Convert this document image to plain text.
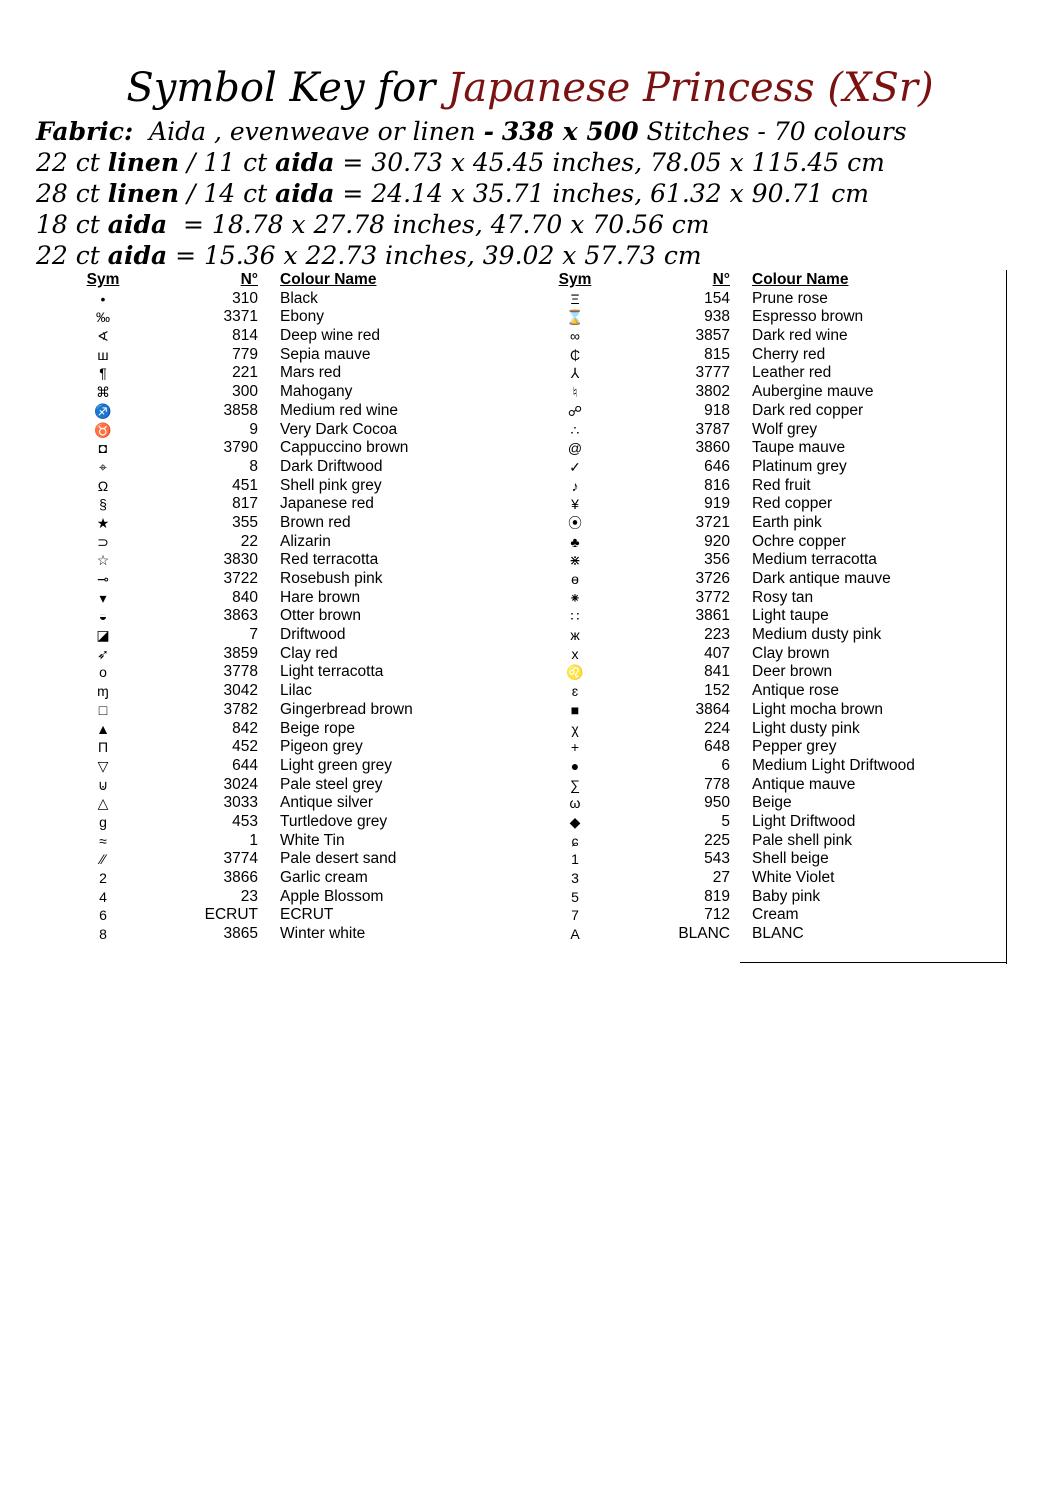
Symbol Key for Japanese Princess (XSr)
Fabric: Aida , evenweave or linen - 338 x 500 Stitches - 70 colours
22 ct linen / 11 ct aida = 30.73 x 45.45 inches, 78.05 x 115.45 cm
28 ct linen / 14 ct aida = 24.14 x 35.71 inches, 61.32 x 90.71 cm
18 ct aida  = 18.78 x 27.78 inches, 47.70 x 70.56 cm
22 ct aida = 15.36 x 22.73 inches, 39.02 x 57.73 cm
Sym	N° Colour Name
•	310 Black
‰	3371 Ebony
∢	814 Deep wine red
ш	779 Sepia mauve
¶	221 Mars red
⌘	300 Mahogany
♐	3858 Medium red wine
♉	9 Very Dark Cocoa
◘	3790 Cappuccino brown
⌖	8 Dark Driftwood
Ω	451 Shell pink grey
§	817 Japanese red
★	355 Brown red
⊃	22 Alizarin
☆	3830 Red terracotta
⊸	3722 Rosebush pink
▾	840 Hare brown
◒	3863 Otter brown
◪	7 Driftwood
➶	3859 Clay red
o	3778 Light terracotta
ɱ	3042 Lilac
□	3782 Gingerbread brown
▲	842 Beige rope
Π	452 Pigeon grey
▽	644 Light green grey
⊍	3024 Pale steel grey
△	3033 Antique silver
g	453 Turtledove grey
≈	1 White Tin
⁄⁄	3774 Pale desert sand
2	3866 Garlic cream
4	23 Apple Blossom
6	ECRUT ECRUT
8	3865 Winter white
Sym	N° Colour Name
Ξ	154 Prune rose
⌛	938 Espresso brown
∞	3857 Dark red wine
₵	815 Cherry red
⅄	3777 Leather red
♮	3802 Aubergine mauve
☍	918 Dark red copper
∴	3787 Wolf grey
@	3860 Taupe mauve
✓	646 Platinum grey
♪	816 Red fruit
¥	919 Red copper
⦿	3721 Earth pink
♣	920 Ochre copper
⋇	356 Medium terracotta
ɵ	3726 Dark antique mauve
⁕	3772 Rosy tan
∷	3861 Light taupe
ж	223 Medium dusty pink
x	407 Clay brown
♌	841 Deer brown
ɛ	152 Antique rose
■	3864 Light mocha brown
χ	224 Light dusty pink
+	648 Pepper grey
●	6 Medium Light Driftwood
∑	778 Antique mauve
ω	950 Beige
◆	5 Light Driftwood
ɕ	225 Pale shell pink
1	543 Shell beige
3	27 White Violet
5	819 Baby pink
7	712 Cream
A	BLANC BLANC
